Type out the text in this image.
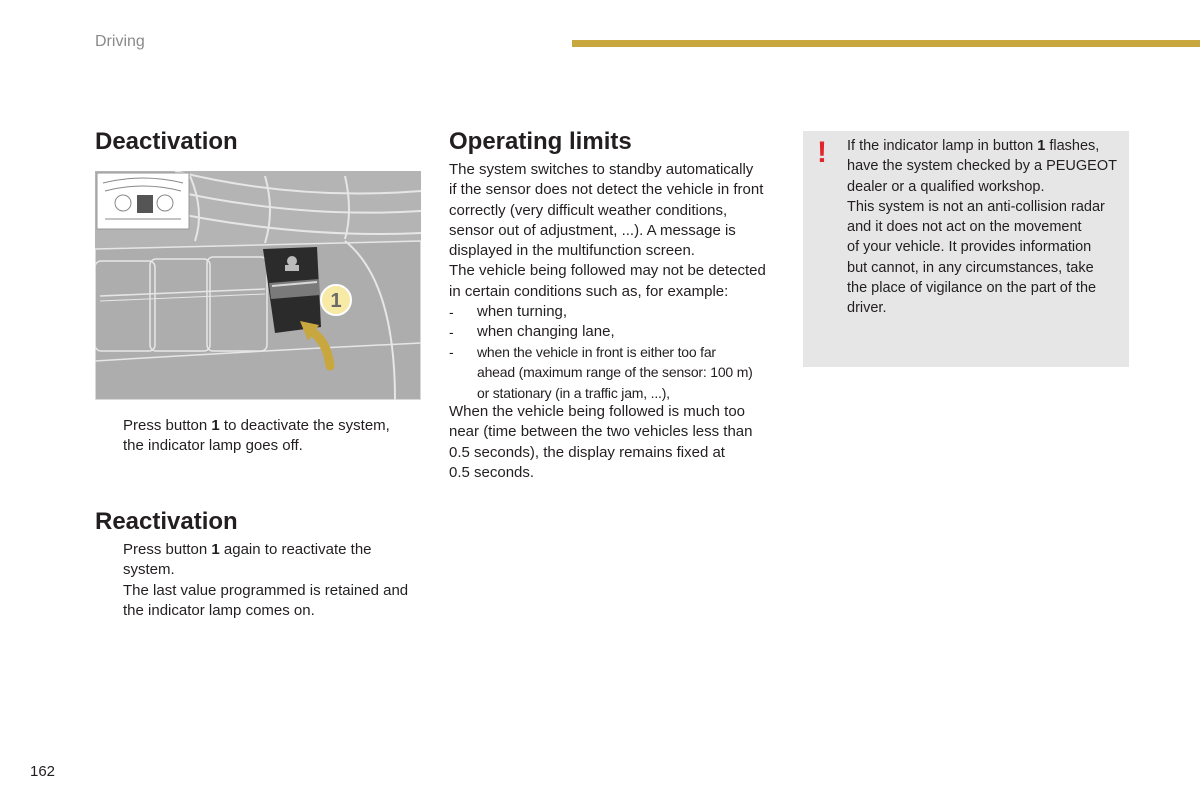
Driving
Deactivation
1
Press button 1 to deactivate the system,
the indicator lamp goes off.
Reactivation
Press button 1 again to reactivate the
system.
The last value programmed is retained and
the indicator lamp comes on.
Operating limits
The system switches to standby automatically
if the sensor does not detect the vehicle in front
correctly (very difficult weather conditions,
sensor out of adjustment, ...). A message is
displayed in the multifunction screen.
The vehicle being followed may not be detected
in certain conditions such as, for example:
- when turning,
- when changing lane,
- when the vehicle in front is either too far
ahead (maximum range of the sensor: 100 m)
or stationary (in a traffic jam, ...),
When the vehicle being followed is much too
near (time between the two vehicles less than
0.5 seconds), the display remains fixed at
0.5 seconds.
! If the indicator lamp in button 1 flashes,
have the system checked by a PEUGEOT
dealer or a qualified workshop.
This system is not an anti-collision radar
and it does not act on the movement
of your vehicle. It provides information
but cannot, in any circumstances, take
the place of vigilance on the part of the
driver.
162
